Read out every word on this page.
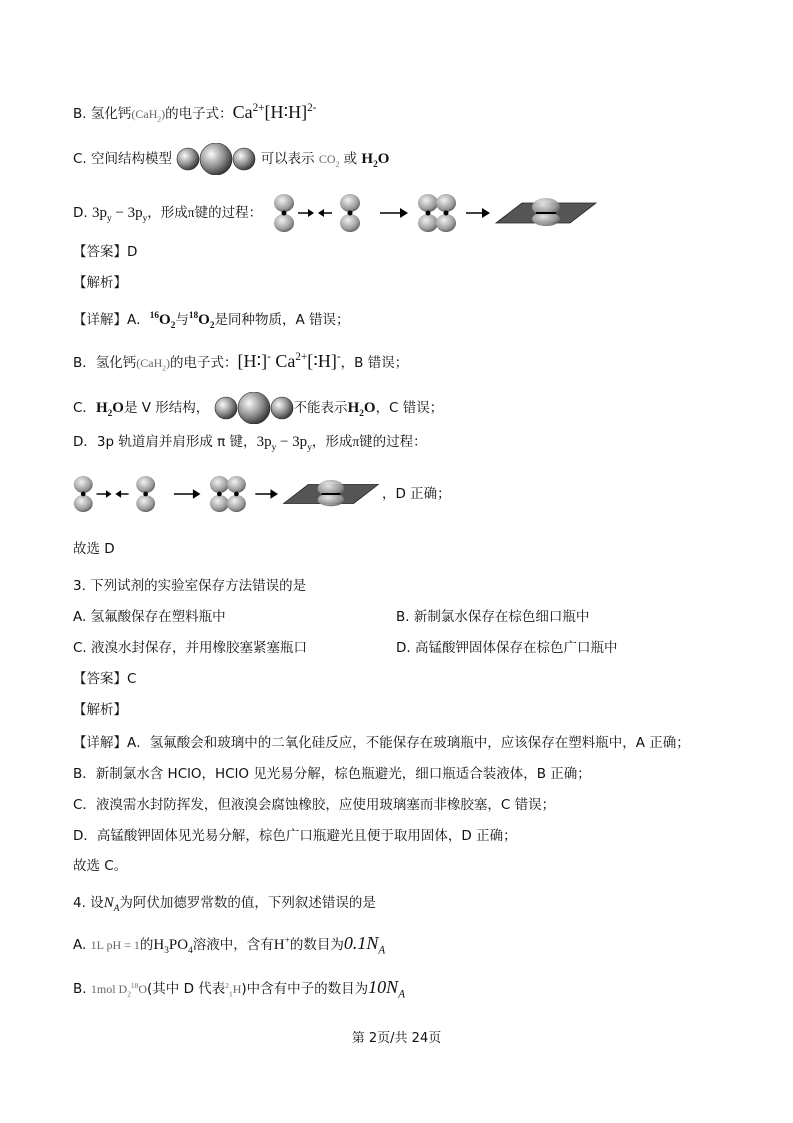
B. 氢化钙(CaH$_2$)的电子式：$Ca^{2+}[H∶H]^{2-}$
C. 空间结构模型	可以表示 $CO_2$ 或 $H_2O$
D. $3p_y - 3p_y$，形成π键的过程：
【答案】D
【解析】
【详解】A．$^{16}O_2$与$^{18}O_2$是同种物质，A 错误；
B．氢化钙(CaH$_2$)的电子式：[H∶]- $Ca^{2+}[∶H]^-$，B 错误；
C．$H_2O$是 V 形结构，	不能表示$H_2O$，C 错误；
D．3p 轨道肩并肩形成 π 键，$3p_y - 3p_y$，形成π键的过程：
，D 正确；
故选 D
3. 下列试剂的实验室保存方法错误的是
A. 氢氟酸保存在塑料瓶中	B. 新制氯水保存在棕色细口瓶中
C. 液溴水封保存，并用橡胶塞紧塞瓶口	D. 高锰酸钾固体保存在棕色广口瓶中
【答案】C
【解析】
【详解】A．氢氟酸会和玻璃中的二氧化硅反应，不能保存在玻璃瓶中，应该保存在塑料瓶中，A 正确；
B．新制氯水含 HClO，HClO 见光易分解，棕色瓶避光，细口瓶适合装液体，B 正确；
C．液溴需水封防挥发，但液溴会腐蚀橡胶，应使用玻璃塞而非橡胶塞，C 错误；
D．高锰酸钾固体见光易分解，棕色广口瓶避光且便于取用固体，D 正确；
故选 C。
4. 设$N_A$为阿伏加德罗常数的值，下列叙述错误的是
A. 1L pH = 1的$H_3PO_4$溶液中，含有H+的数目为$0.1N_A$
B. 1mol $D_2^{18}O$(其中 D 代表$^2_1$H)中含有中子的数目为$10N_A$
第 2页/共 24页
